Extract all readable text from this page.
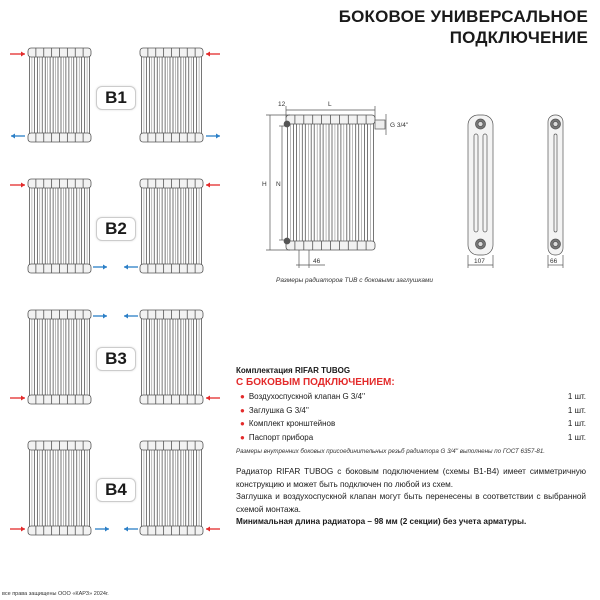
БОКОВОЕ УНИВЕРСАЛЬНОЕ
ПОДКЛЮЧЕНИЕ
12	L
G 3/4''
H N
46	107	66
B1
B2
B3
B4
Размеры радиаторов TUB с боковыми заглушками
Комплектация RIFAR TUBOG
С БОКОВЫМ ПОДКЛЮЧЕНИЕМ:
● Воздухоспускной клапан G 3/4''	1 шт.
● Заглушка G 3/4''	1 шт.
● Комплект кронштейнов	1 шт.
● Паспорт прибора	1 шт.
Размеры внутренних боковых присоединительных резьб радиатора G 3/4'' выполнены по ГОСТ 6357-81.

Радиатор RIFAR TUBOG с боковым подключением (схемы B1-B4) имеет симметричную конструкцию и может быть подключен по любой из схем.

Заглушка и воздухоспускной клапан могут быть перенесены в соответствии с выбранной схемой монтажа.

Минимальная длина радиатора – 98 мм (2 секции) без учета арматуры.

все права защищены ООО «КАРЗ» 2024г.
